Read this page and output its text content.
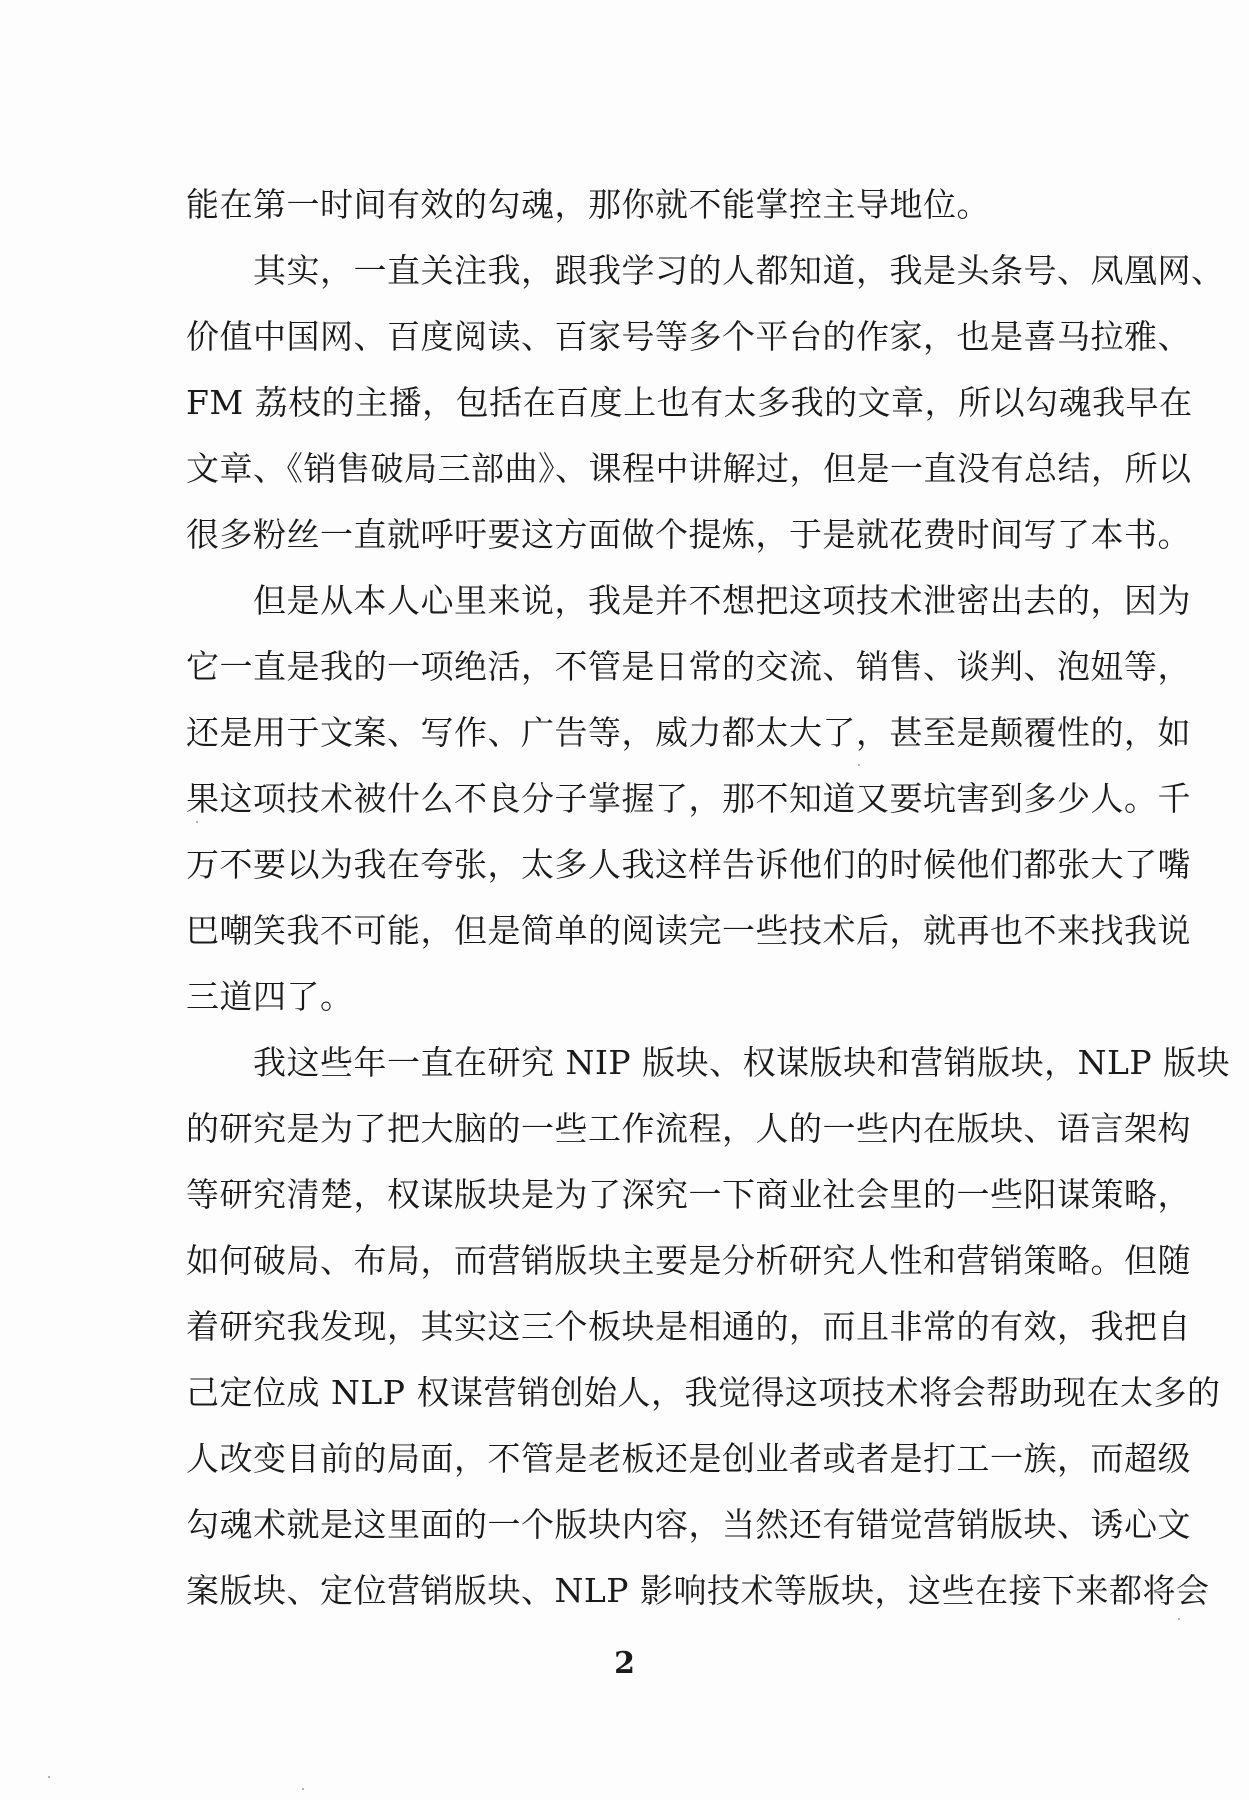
能在第一时间有效的勾魂，那你就不能掌控主导地位。
　　其实，一直关注我，跟我学习的人都知道，我是头条号、凤凰网、
价值中国网、百度阅读、百家号等多个平台的作家，也是喜马拉雅、
FM 荔枝的主播，包括在百度上也有太多我的文章，所以勾魂我早在
文章、《销售破局三部曲》、课程中讲解过，但是一直没有总结，所以
很多粉丝一直就呼吁要这方面做个提炼，于是就花费时间写了本书。
　　但是从本人心里来说，我是并不想把这项技术泄密出去的，因为
它一直是我的一项绝活，不管是日常的交流、销售、谈判、泡妞等，
还是用于文案、写作、广告等，威力都太大了，甚至是颠覆性的，如
果这项技术被什么不良分子掌握了，那不知道又要坑害到多少人。千
万不要以为我在夸张，太多人我这样告诉他们的时候他们都张大了嘴
巴嘲笑我不可能，但是简单的阅读完一些技术后，就再也不来找我说
三道四了。
　　我这些年一直在研究 NIP 版块、权谋版块和营销版块，NLP 版块
的研究是为了把大脑的一些工作流程，人的一些内在版块、语言架构
等研究清楚，权谋版块是为了深究一下商业社会里的一些阳谋策略，
如何破局、布局，而营销版块主要是分析研究人性和营销策略。但随
着研究我发现，其实这三个板块是相通的，而且非常的有效，我把自
己定位成 NLP 权谋营销创始人，我觉得这项技术将会帮助现在太多的
人改变目前的局面，不管是老板还是创业者或者是打工一族，而超级
勾魂术就是这里面的一个版块内容，当然还有错觉营销版块、诱心文
案版块、定位营销版块、NLP 影响技术等版块，这些在接下来都将会
2
